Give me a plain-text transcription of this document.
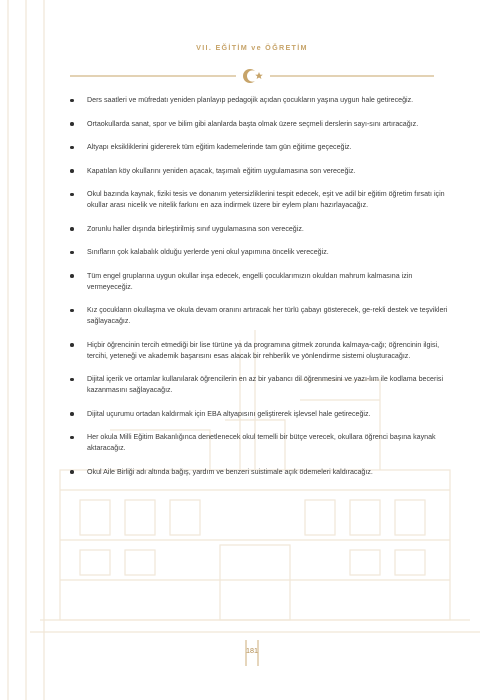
VII. EĞİTİM ve ÖĞRETİM
Ders saatleri ve müfredatı yeniden planlayıp pedagojik açıdan çocukların yaşına uygun hale getireceğiz.
Ortaokullarda sanat, spor ve bilim gibi alanlarda başta olmak üzere seçmeli derslerin sayı-sını artıracağız.
Altyapı eksikliklerini gidererek tüm eğitim kademelerinde tam gün eğitime geçeceğiz.
Kapatılan köy okullarını yeniden açacak, taşımalı eğitim uygulamasına son vereceğiz.
Okul bazında kaynak, fiziki tesis ve donanım yetersizliklerini tespit edecek, eşit ve adil bir eğitim öğretim fırsatı için okullar arası nicelik ve nitelik farkını en aza indirmek üzere bir eylem planı hazırlayacağız.
Zorunlu haller dışında birleştirilmiş sınıf uygulamasına son vereceğiz.
Sınıfların çok kalabalık olduğu yerlerde yeni okul yapımına öncelik vereceğiz.
Tüm engel gruplarına uygun okullar inşa edecek, engelli çocuklarımızın okuldan mahrum kalmasına izin vermeyeceğiz.
Kız çocukların okullaşma ve okula devam oranını artıracak her türlü çabayı gösterecek, ge-rekli destek ve teşvikleri sağlayacağız.
Hiçbir öğrencinin tercih etmediği bir lise türüne ya da programına gitmek zorunda kalmaya-cağı; öğrencinin ilgisi, tercihi, yeteneği ve akademik başarısını esas alacak bir rehberlik ve yönlendirme sistemi oluşturacağız.
Dijital içerik ve ortamlar kullanılarak öğrencilerin en az bir yabancı dil öğrenmesini ve yazı-lım ile kodlama becerisi kazanmasını sağlayacağız.
Dijital uçurumu ortadan kaldırmak için EBA altyapısını geliştirerek işlevsel hale getireceğiz.
Her okula Milli Eğitim Bakanlığınca denetlenecek okul temelli bir bütçe verecek, okullara öğrenci başına kaynak aktaracağız.
Okul Aile Birliği adı altında bağış, yardım ve benzeri suistimale açık ödemeleri kaldıracağız.
181
